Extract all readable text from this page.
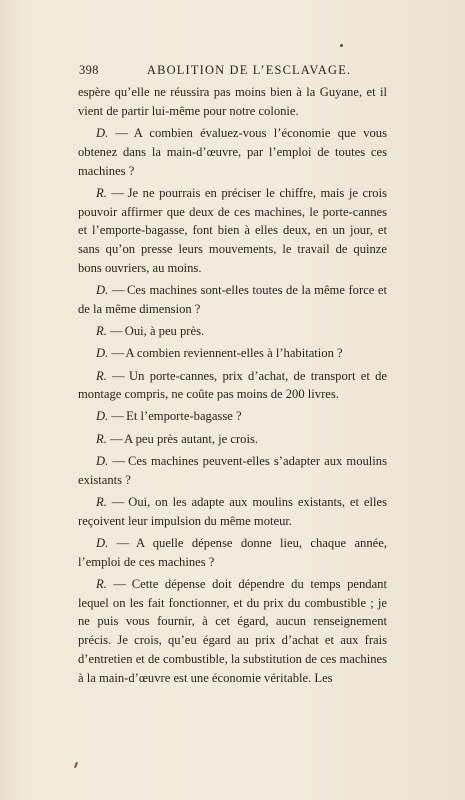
398	ABOLITION DE L’ESCLAVAGE.

espère qu’elle ne réussira pas moins bien à la Guyane, et il vient de partir lui-même pour notre colonie.

D. — A combien évaluez-vous l’économie que vous obtenez dans la main-d’œuvre, par l’emploi de toutes ces machines ?

R. — Je ne pourrais en préciser le chiffre, mais je crois pouvoir affirmer que deux de ces machines, le porte-cannes et l’emporte-bagasse, font bien à elles deux, en un jour, et sans qu’on presse leurs mouvements, le travail de quinze bons ouvriers, au moins.

D. — Ces machines sont-elles toutes de la même force et de la même dimension ?

R. — Oui, à peu près.

D. — A combien reviennent-elles à l’habitation ?

R. — Un porte-cannes, prix d’achat, de transport et de montage compris, ne coûte pas moins de 200 livres.

D. — Et l’emporte-bagasse ?

R. — A peu près autant, je crois.

D. — Ces machines peuvent-elles s’adapter aux moulins existants ?

R. — Oui, on les adapte aux moulins existants, et elles reçoivent leur impulsion du même moteur.

D. — A quelle dépense donne lieu, chaque année, l’emploi de ces machines ?

R. — Cette dépense doit dépendre du temps pendant lequel on les fait fonctionner, et du prix du combustible ; je ne puis vous fournir, à cet égard, aucun renseignement précis. Je crois, qu’eu égard au prix d’achat et aux frais d’entretien et de combustible, la substitution de ces machines à la main-d’œuvre est une économie véritable. Les
